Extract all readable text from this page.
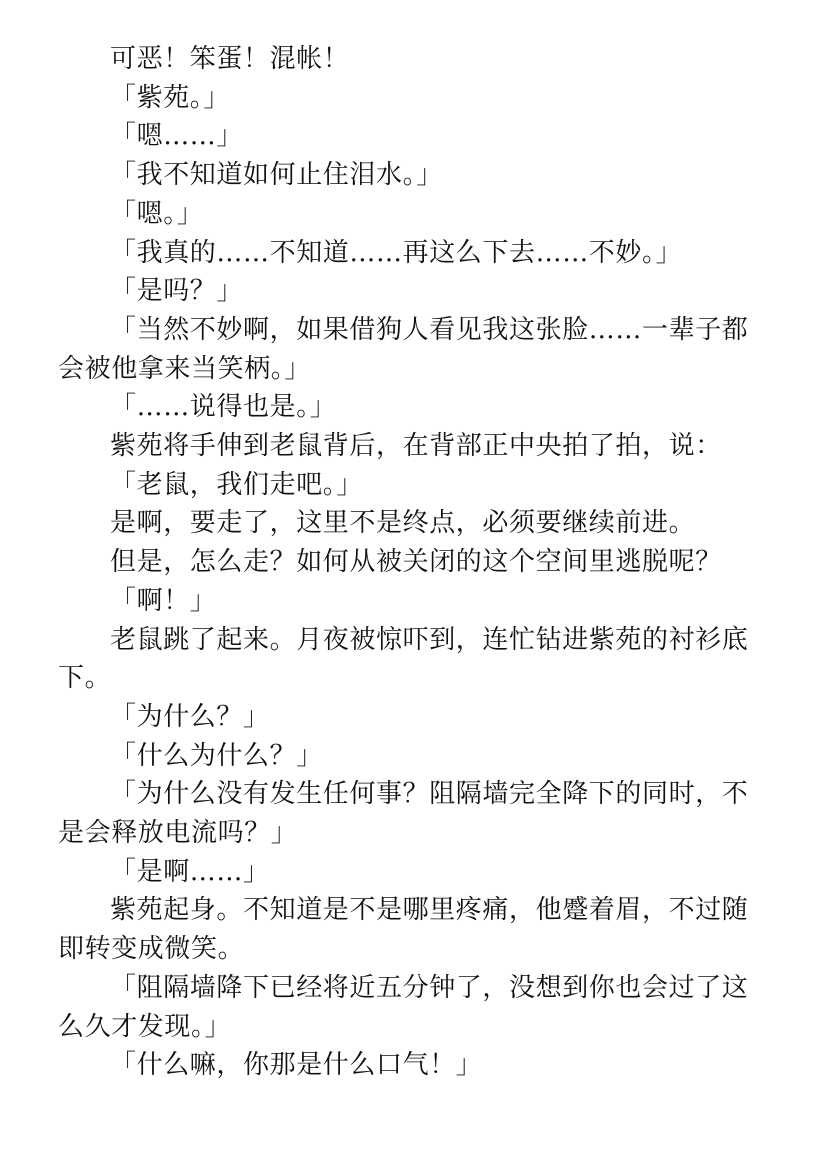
可恶！笨蛋！混帐！

「紫苑。」

「嗯……」

「我不知道如何止住泪水。」

「嗯。」

「我真的……不知道……再这么下去……不妙。」

「是吗？」

「当然不妙啊，如果借狗人看见我这张脸……一辈子都会被他拿来当笑柄。」

「……说得也是。」

紫苑将手伸到老鼠背后，在背部正中央拍了拍，说：

「老鼠，我们走吧。」

是啊，要走了，这里不是终点，必须要继续前进。

但是，怎么走？如何从被关闭的这个空间里逃脱呢？

「啊！」

老鼠跳了起来。月夜被惊吓到，连忙钻进紫苑的衬衫底下。

「为什么？」

「什么为什么？」

「为什么没有发生任何事？阻隔墙完全降下的同时，不是会释放电流吗？」

「是啊……」

紫苑起身。不知道是不是哪里疼痛，他蹙着眉，不过随即转变成微笑。

「阻隔墙降下已经将近五分钟了，没想到你也会过了这么久才发现。」

「什么嘛，你那是什么口气！」
